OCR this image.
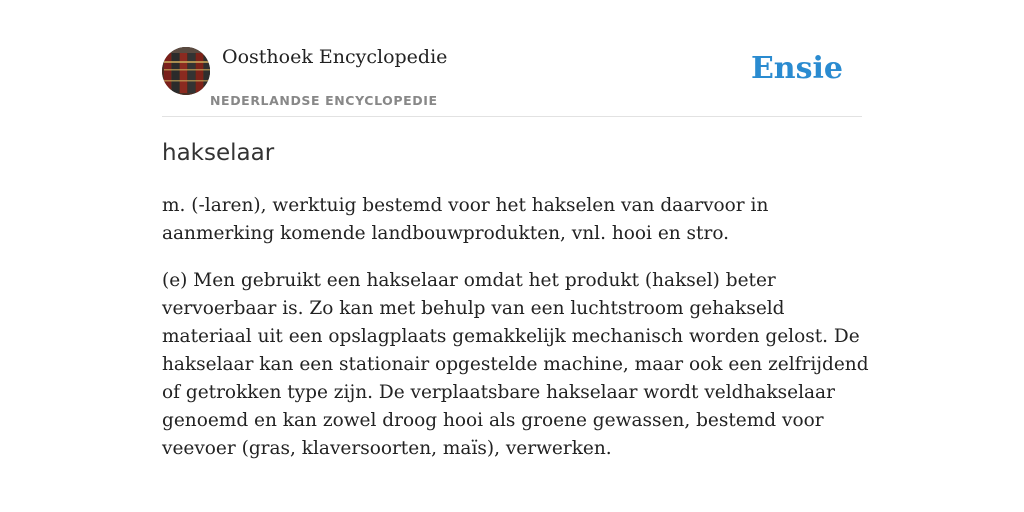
Oosthoek Encyclopedie
NEDERLANDSE ENCYCLOPEDIE
Ensie
hakselaar

m. (-laren), werktuig bestemd voor het hakselen van daarvoor in aanmerking komende landbouwprodukten, vnl. hooi en stro.

(e) Men gebruikt een hakselaar omdat het produkt (haksel) beter vervoerbaar is. Zo kan met behulp van een luchtstroom gehakseld materiaal uit een opslagplaats gemakkelijk mechanisch worden gelost. De hakselaar kan een stationair opgestelde machine, maar ook een zelfrijdend of getrokken type zijn. De verplaatsbare hakselaar wordt veldhakselaar genoemd en kan zowel droog hooi als groene gewassen, bestemd voor veevoer (gras, klaversoorten, maïs), verwerken.
